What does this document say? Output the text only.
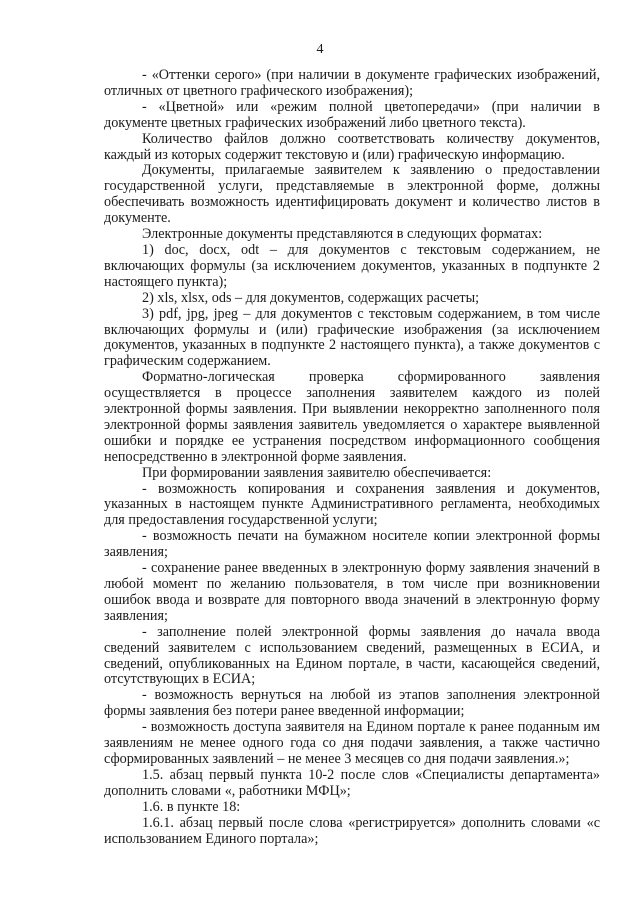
4

- «Оттенки серого» (при наличии в документе графических изображений, отличных от цветного графического изображения);

- «Цветной» или «режим полной цветопередачи» (при наличии в документе цветных графических изображений либо цветного текста).

Количество файлов должно соответствовать количеству документов, каждый из которых содержит текстовую и (или) графическую информацию.

Документы, прилагаемые заявителем к заявлению о предоставлении государственной услуги, представляемые в электронной форме, должны обеспечивать возможность идентифицировать документ и количество листов в документе.

Электронные документы представляются в следующих форматах:

1) doc, docx, odt – для документов с текстовым содержанием, не включающих формулы (за исключением документов, указанных в подпункте 2 настоящего пункта);

2) xls, xlsx, ods – для документов, содержащих расчеты;

3) pdf, jpg, jpeg – для документов с текстовым содержанием, в том числе включающих формулы и (или) графические изображения (за исключением документов, указанных в подпункте 2 настоящего пункта), а также документов с графическим содержанием.

Форматно-логическая проверка сформированного заявления осуществляется в процессе заполнения заявителем каждого из полей электронной формы заявления. При выявлении некорректно заполненного поля электронной формы заявления заявитель уведомляется о характере выявленной ошибки и порядке ее устранения посредством информационного сообщения непосредственно в электронной форме заявления.

При формировании заявления заявителю обеспечивается:

- возможность копирования и сохранения заявления и документов, указанных в настоящем пункте Административного регламента, необходимых для предоставления государственной услуги;

- возможность печати на бумажном носителе копии электронной формы заявления;

- сохранение ранее введенных в электронную форму заявления значений в любой момент по желанию пользователя, в том числе при возникновении ошибок ввода и возврате для повторного ввода значений в электронную форму заявления;

- заполнение полей электронной формы заявления до начала ввода сведений заявителем с использованием сведений, размещенных в ЕСИА, и сведений, опубликованных на Едином портале, в части, касающейся сведений, отсутствующих в ЕСИА;

- возможность вернуться на любой из этапов заполнения электронной формы заявления без потери ранее введенной информации;

- возможность доступа заявителя на Едином портале к ранее поданным им заявлениям не менее одного года со дня подачи заявления, а также частично сформированных заявлений – не менее 3 месяцев со дня подачи заявления.»;

1.5. абзац первый пункта 10-2 после слов «Специалисты департамента» дополнить словами «, работники МФЦ»;

1.6. в пункте 18:

1.6.1. абзац первый после слова «регистрируется» дополнить словами «с использованием Единого портала»;
